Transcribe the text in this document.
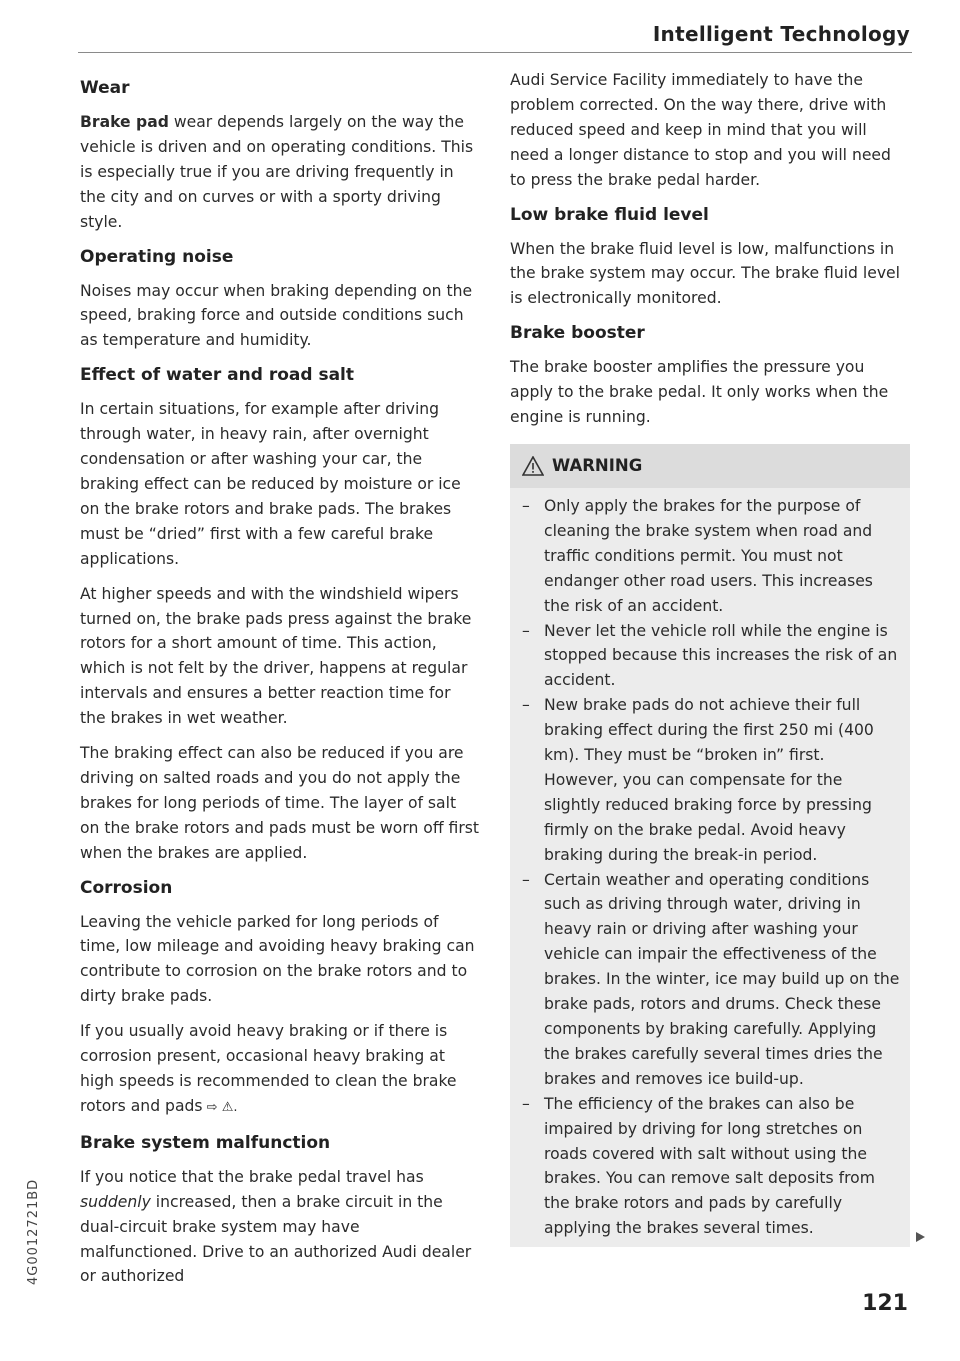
Intelligent Technology
Wear

Brake pad wear depends largely on the way the vehicle is driven and on operating conditions. This is especially true if you are driving frequently in the city and on curves or with a sporty driving style.

Operating noise

Noises may occur when braking depending on the speed, braking force and outside conditions such as temperature and humidity.

Effect of water and road salt

In certain situations, for example after driving through water, in heavy rain, after overnight condensation or after washing your car, the braking effect can be reduced by moisture or ice on the brake rotors and brake pads. The brakes must be “dried” first with a few careful brake applications.

At higher speeds and with the windshield wipers turned on, the brake pads press against the brake rotors for a short amount of time. This action, which is not felt by the driver, happens at regular intervals and ensures a better reaction time for the brakes in wet weather.

The braking effect can also be reduced if you are driving on salted roads and you do not apply the brakes for long periods of time. The layer of salt on the brake rotors and pads must be worn off first when the brakes are applied.

Corrosion

Leaving the vehicle parked for long periods of time, low mileage and avoiding heavy braking can contribute to corrosion on the brake rotors and to dirty brake pads.

If you usually avoid heavy braking or if there is corrosion present, occasional heavy braking at high speeds is recommended to clean the brake rotors and pads ⇨ ⚠.

Brake system malfunction

If you notice that the brake pedal travel has suddenly increased, then a brake circuit in the dual-circuit brake system may have malfunctioned. Drive to an authorized Audi dealer or authorized

Audi Service Facility immediately to have the problem corrected. On the way there, drive with reduced speed and keep in mind that you will need a longer distance to stop and you will need to press the brake pedal harder.

Low brake fluid level

When the brake fluid level is low, malfunctions in the brake system may occur. The brake fluid level is electronically monitored.

Brake booster

The brake booster amplifies the pressure you apply to the brake pedal. It only works when the engine is running.

WARNING
– Only apply the brakes for the purpose of cleaning the brake system when road and traffic conditions permit. You must not endanger other road users. This increases the risk of an accident.
– Never let the vehicle roll while the engine is stopped because this increases the risk of an accident.
– New brake pads do not achieve their full braking effect during the first 250 mi (400 km). They must be “broken in” first. However, you can compensate for the slightly reduced braking force by pressing firmly on the brake pedal. Avoid heavy braking during the break-in period.
– Certain weather and operating conditions such as driving through water, driving in heavy rain or driving after washing your vehicle can impair the effectiveness of the brakes. In the winter, ice may build up on the brake pads, rotors and drums. Check these components by braking carefully. Applying the brakes carefully several times dries the brakes and removes ice build-up.
– The efficiency of the brakes can also be impaired by driving for long stretches on roads covered with salt without using the brakes. You can remove salt deposits from the brake rotors and pads by carefully applying the brakes several times.
121
4G0012721BD
